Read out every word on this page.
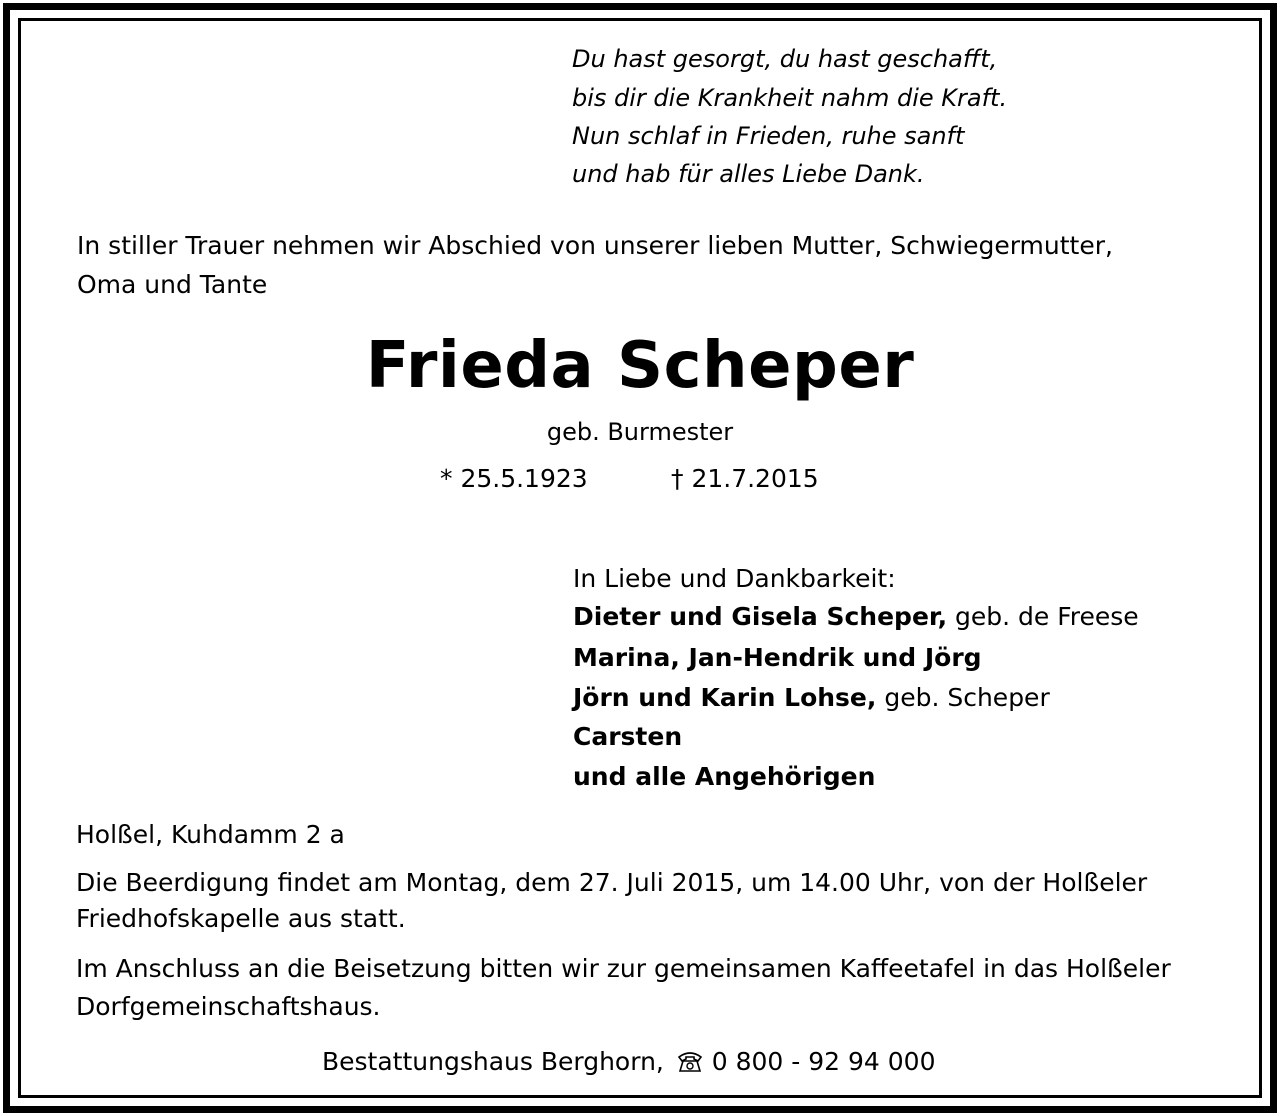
Du hast gesorgt, du hast geschafft,
bis dir die Krankheit nahm die Kraft.
Nun schlaf in Frieden, ruhe sanft
und hab für alles Liebe Dank.
In stiller Trauer nehmen wir Abschied von unserer lieben Mutter, Schwiegermutter,
Oma und Tante
Frieda Scheper
geb. Burmester
* 25.5.1923	† 21.7.2015
In Liebe und Dankbarkeit:
Dieter und Gisela Scheper, geb. de Freese
Marina, Jan-Hendrik und Jörg
Jörn und Karin Lohse, geb. Scheper
Carsten
und alle Angehörigen
Holßel, Kuhdamm 2 a
Die Beerdigung findet am Montag, dem 27. Juli 2015, um 14.00 Uhr, von der Holßeler
Friedhofskapelle aus statt.
Im Anschluss an die Beisetzung bitten wir zur gemeinsamen Kaffeetafel in das Holßeler
Dorfgemeinschaftshaus.
Bestattungshaus Berghorn, 0 800 - 92 94 000
